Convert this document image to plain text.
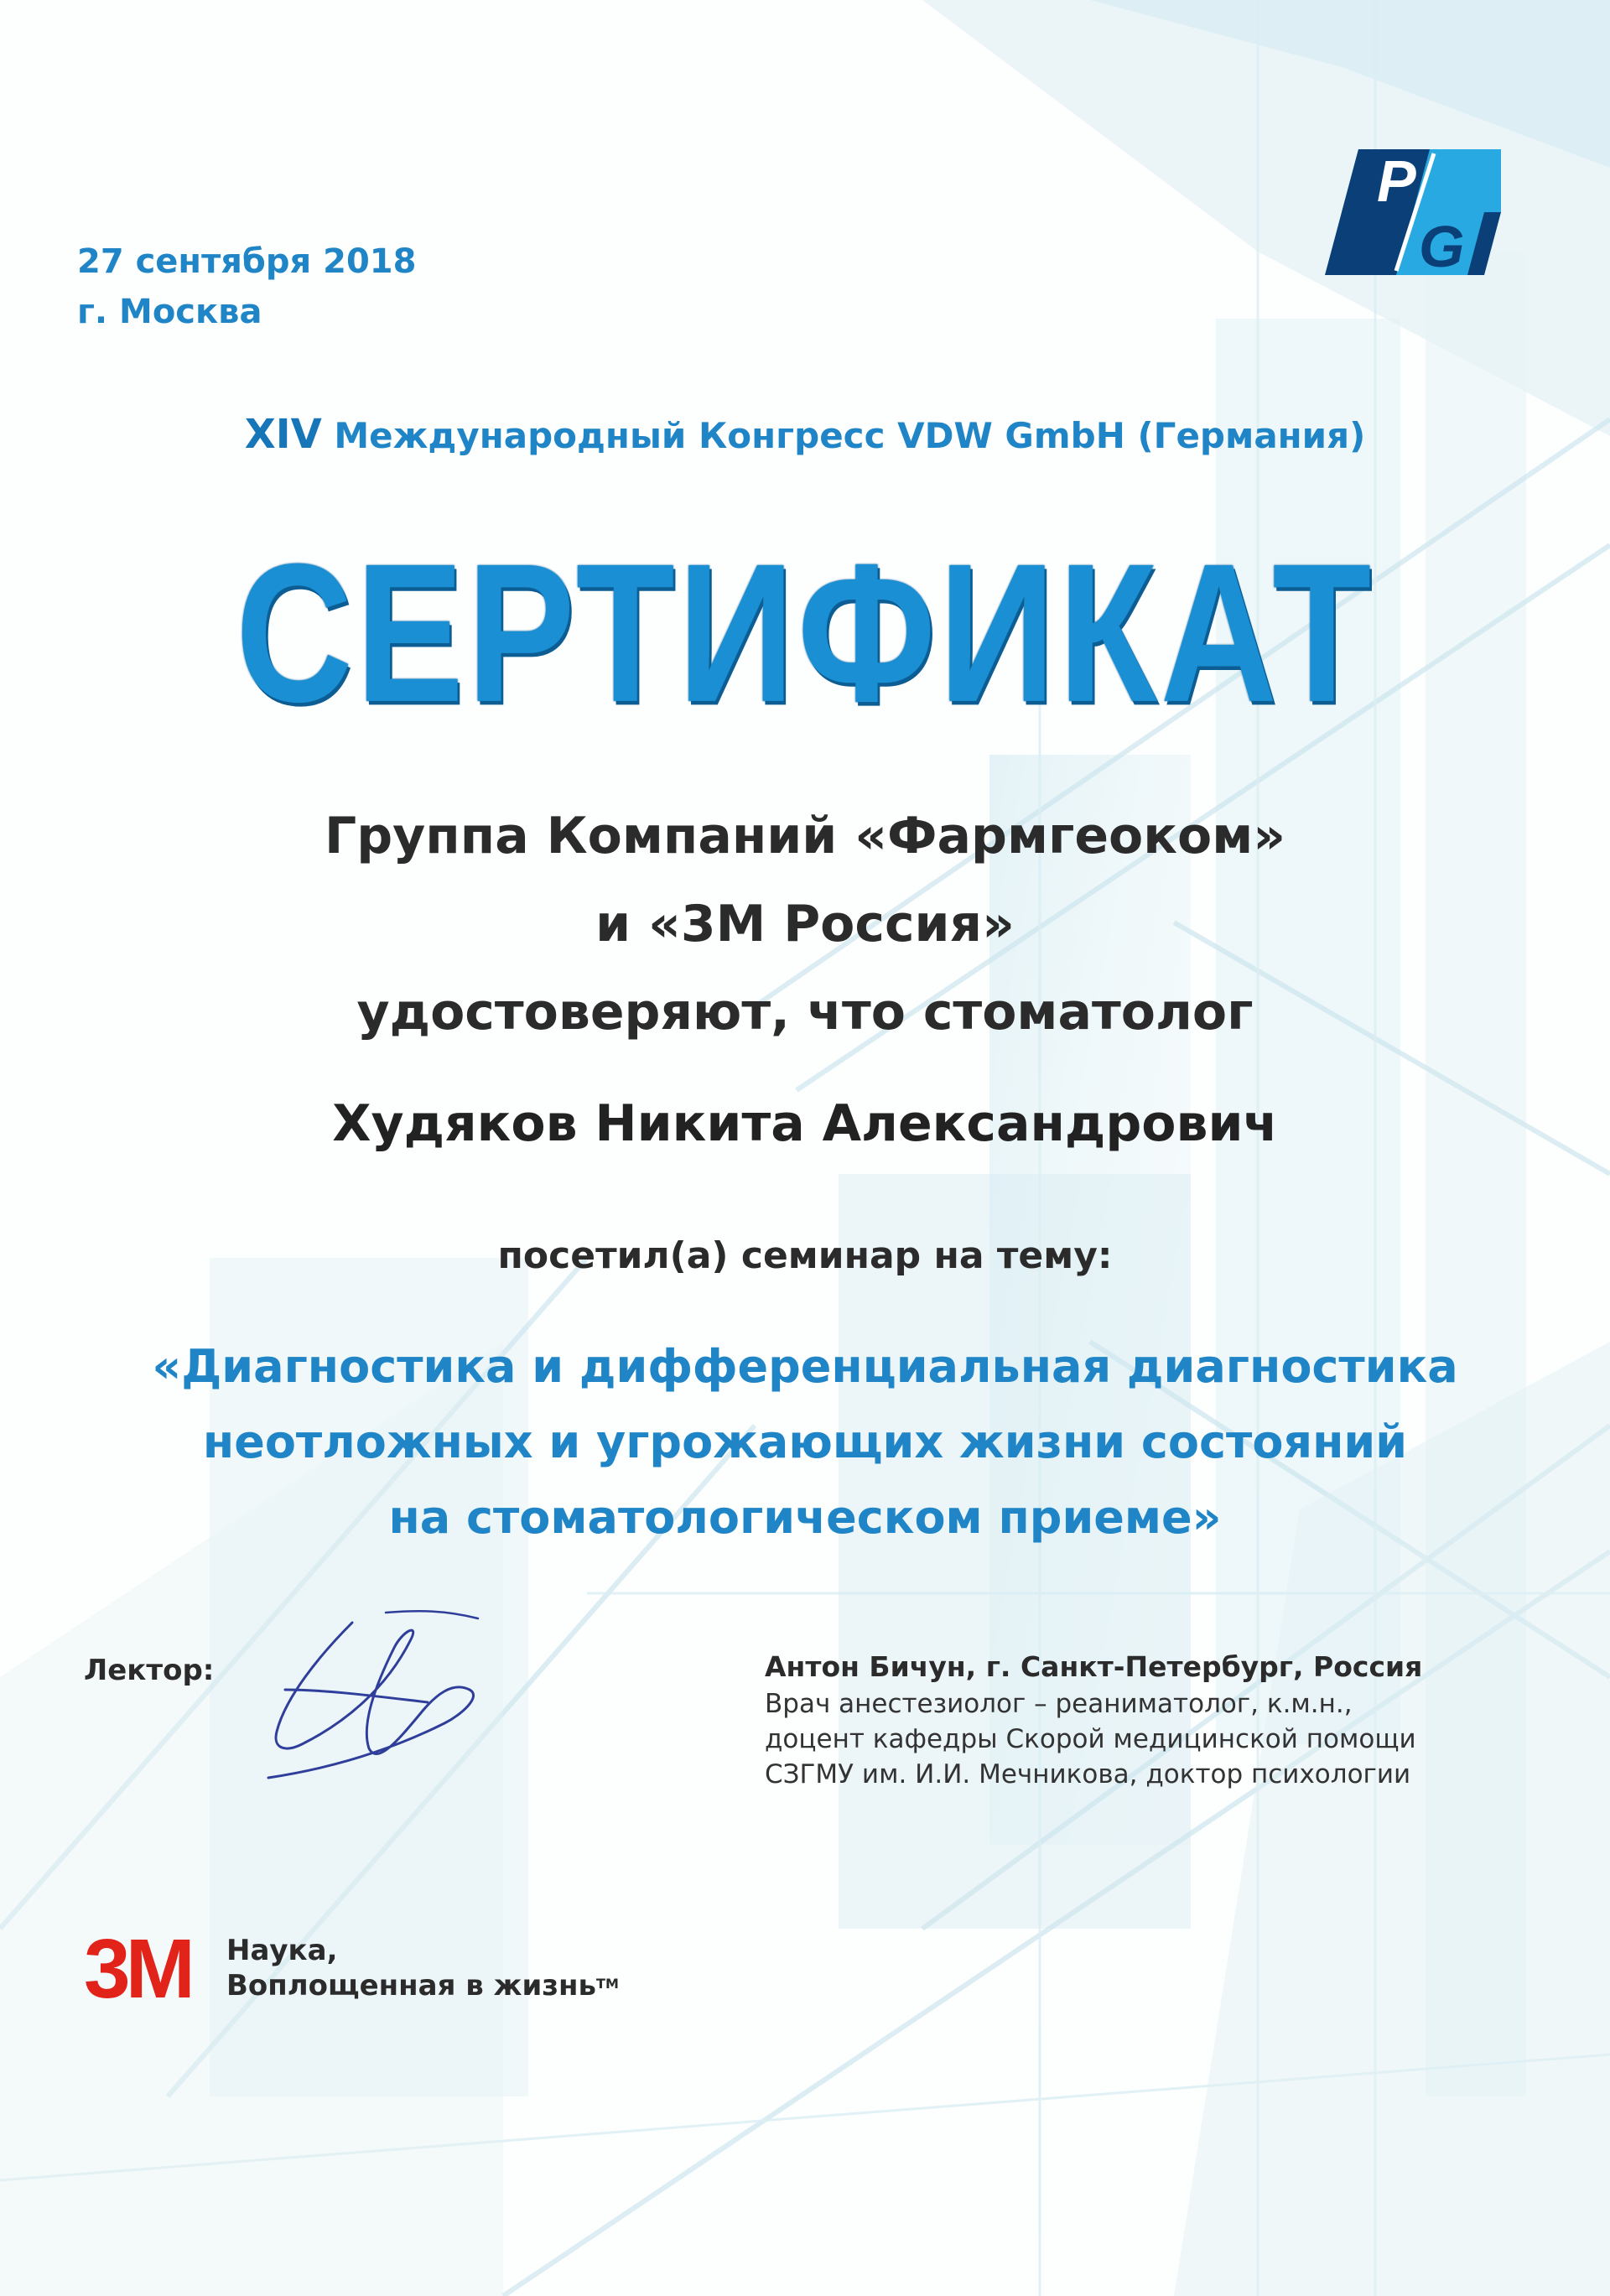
P
G
27 сентября 2018
г. Москва
XIV Международный Конгресс VDW GmbH (Германия)
СЕРТИФИКАТ
Группа Компаний «Фармгеоком»
и «3М Россия»
удостоверяют, что стоматолог
Худяков Никита Александрович
посетил(а) семинар на тему:
«Диагностика и дифференциальная диагностика
неотложных и угрожающих жизни состояний
на стоматологическом приеме»
Лектор:	Антон Бичун, г. Санкт-Петербург, Россия
Врач анестезиолог – реаниматолог, к.м.н.,
доцент кафедры Скорой медицинской помощи
СЗГМУ им. И.И. Мечникова, доктор психологии
3M Наука,
Воплощенная в жизнь™
